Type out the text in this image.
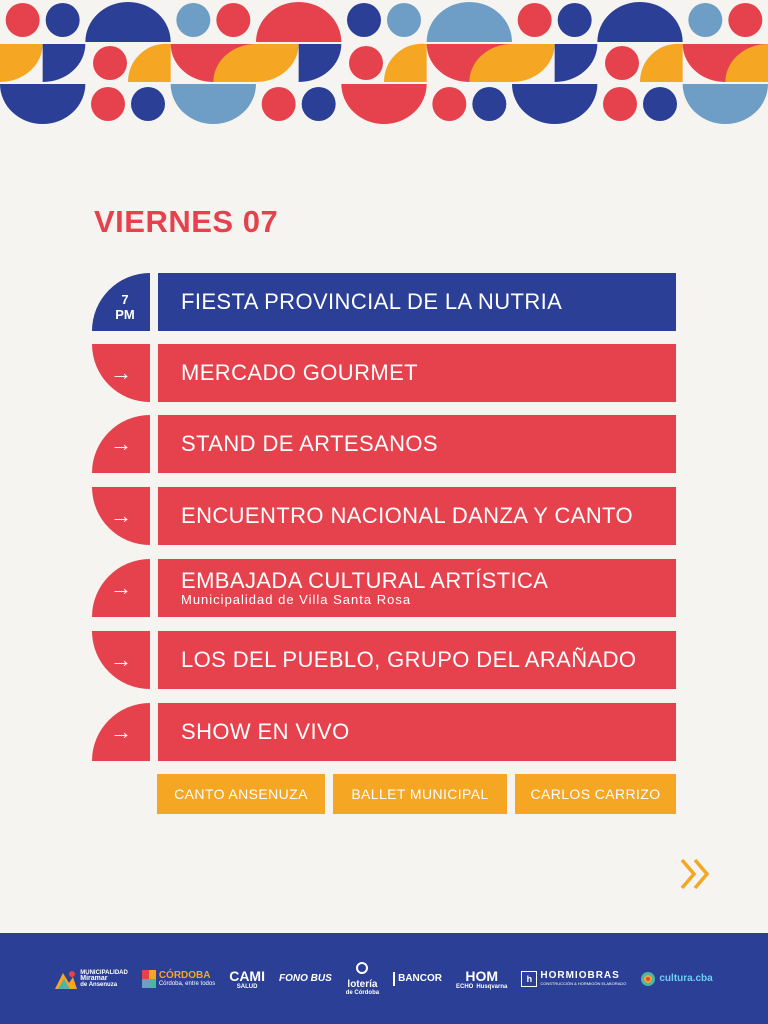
VIERNES 07
7
PM
FIESTA PROVINCIAL DE LA NUTRIA
→ MERCADO GOURMET
→ STAND DE ARTESANOS
→ ENCUENTRO NACIONAL DANZA Y CANTO
→ EMBAJADA CULTURAL ARTÍSTICA
Municipalidad de Villa Santa Rosa
→ LOS DEL PUEBLO, GRUPO DEL ARAÑADO
→ SHOW EN VIVO
CANTO ANSENUZA	BALLET MUNICIPAL	CARLOS CARRIZO
MUNICIPALIDAD
Miramar
de Ansenuza
CÓRDOBA
Córdoba, entre todos
CAMI
SALUD
FONO BUS
lotería
de Córdoba
BANCOR	HOM
ECHO Husqvarna
h HORMIOBRAS
CONSTRUCCIÓN & HORMIGÓN ELABORADO	cultura.cba
